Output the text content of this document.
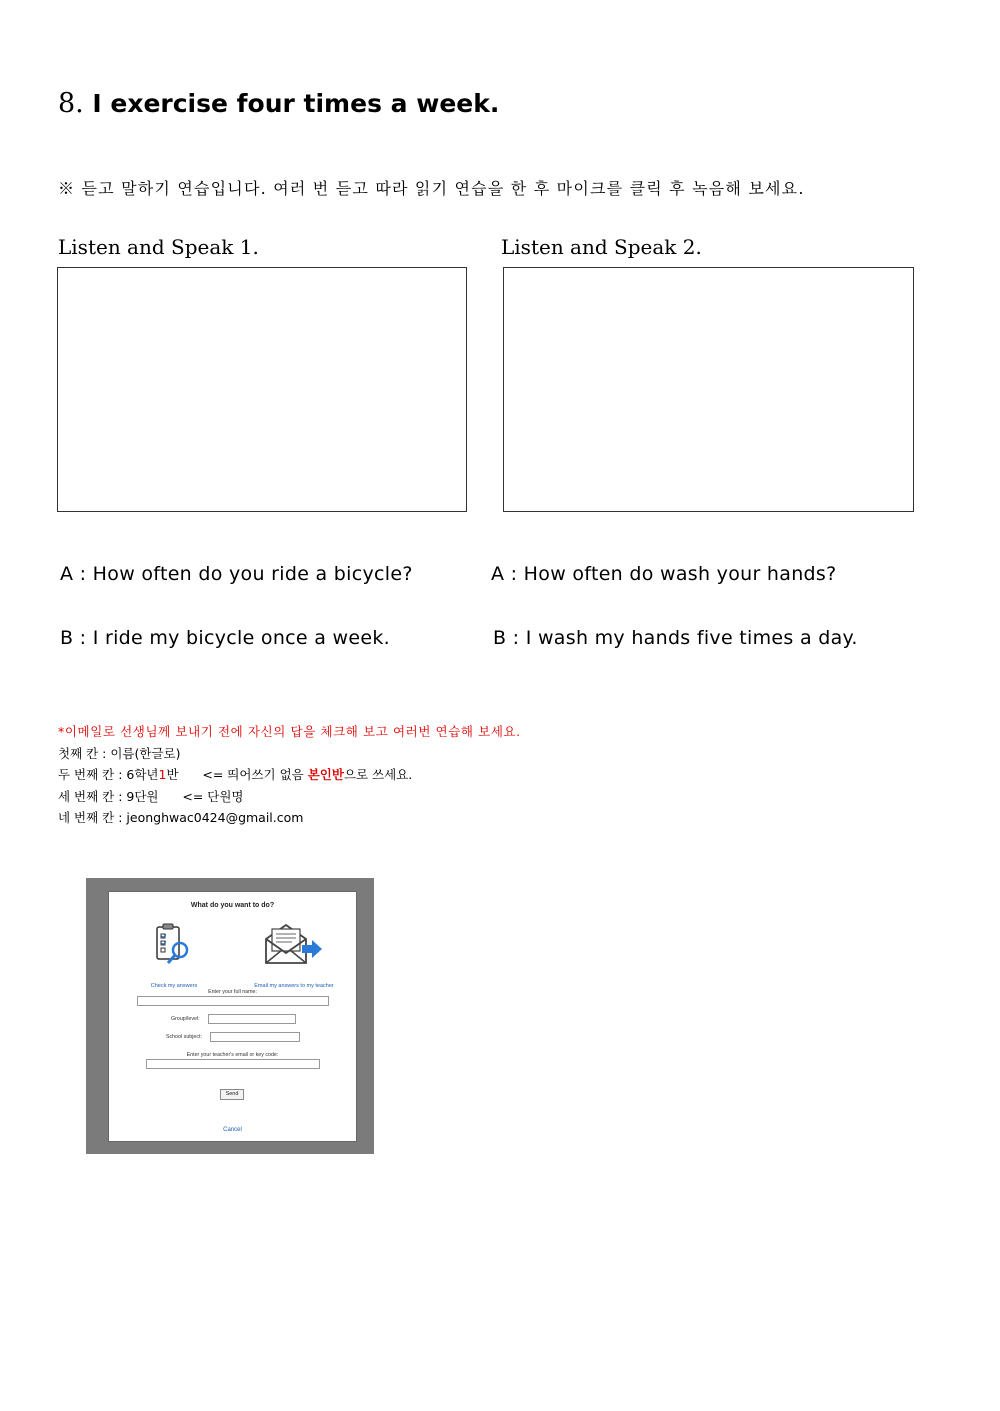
8. I exercise four times a week.
※ 듣고 말하기 연습입니다. 여러 번 듣고 따라 읽기 연습을 한 후 마이크를 클릭 후 녹음해 보세요.
Listen and Speak 1.	Listen and Speak 2.
A : How often do you ride a bicycle?
B : I ride my bicycle once a week.
A : How often do wash your hands?
B : I wash my hands five times a day.
*이메일로 선생님께 보내기 전에 자신의 답을 체크해 보고 여러번 연습해 보세요.
첫째 칸 : 이름(한글로)
두 번째 칸 : 6학년1반      <= 띄어쓰기 없음 본인반으로 쓰세요.
세 번째 칸 : 9단원      <= 단원명
네 번째 칸 : jeonghwac0424@gmail.com
What do you want to do?
Check my answers	Email my answers to my teacher
Enter your full name:
Group/level:
School subject:
Enter your teacher's email or key code:
Send
Cancel
